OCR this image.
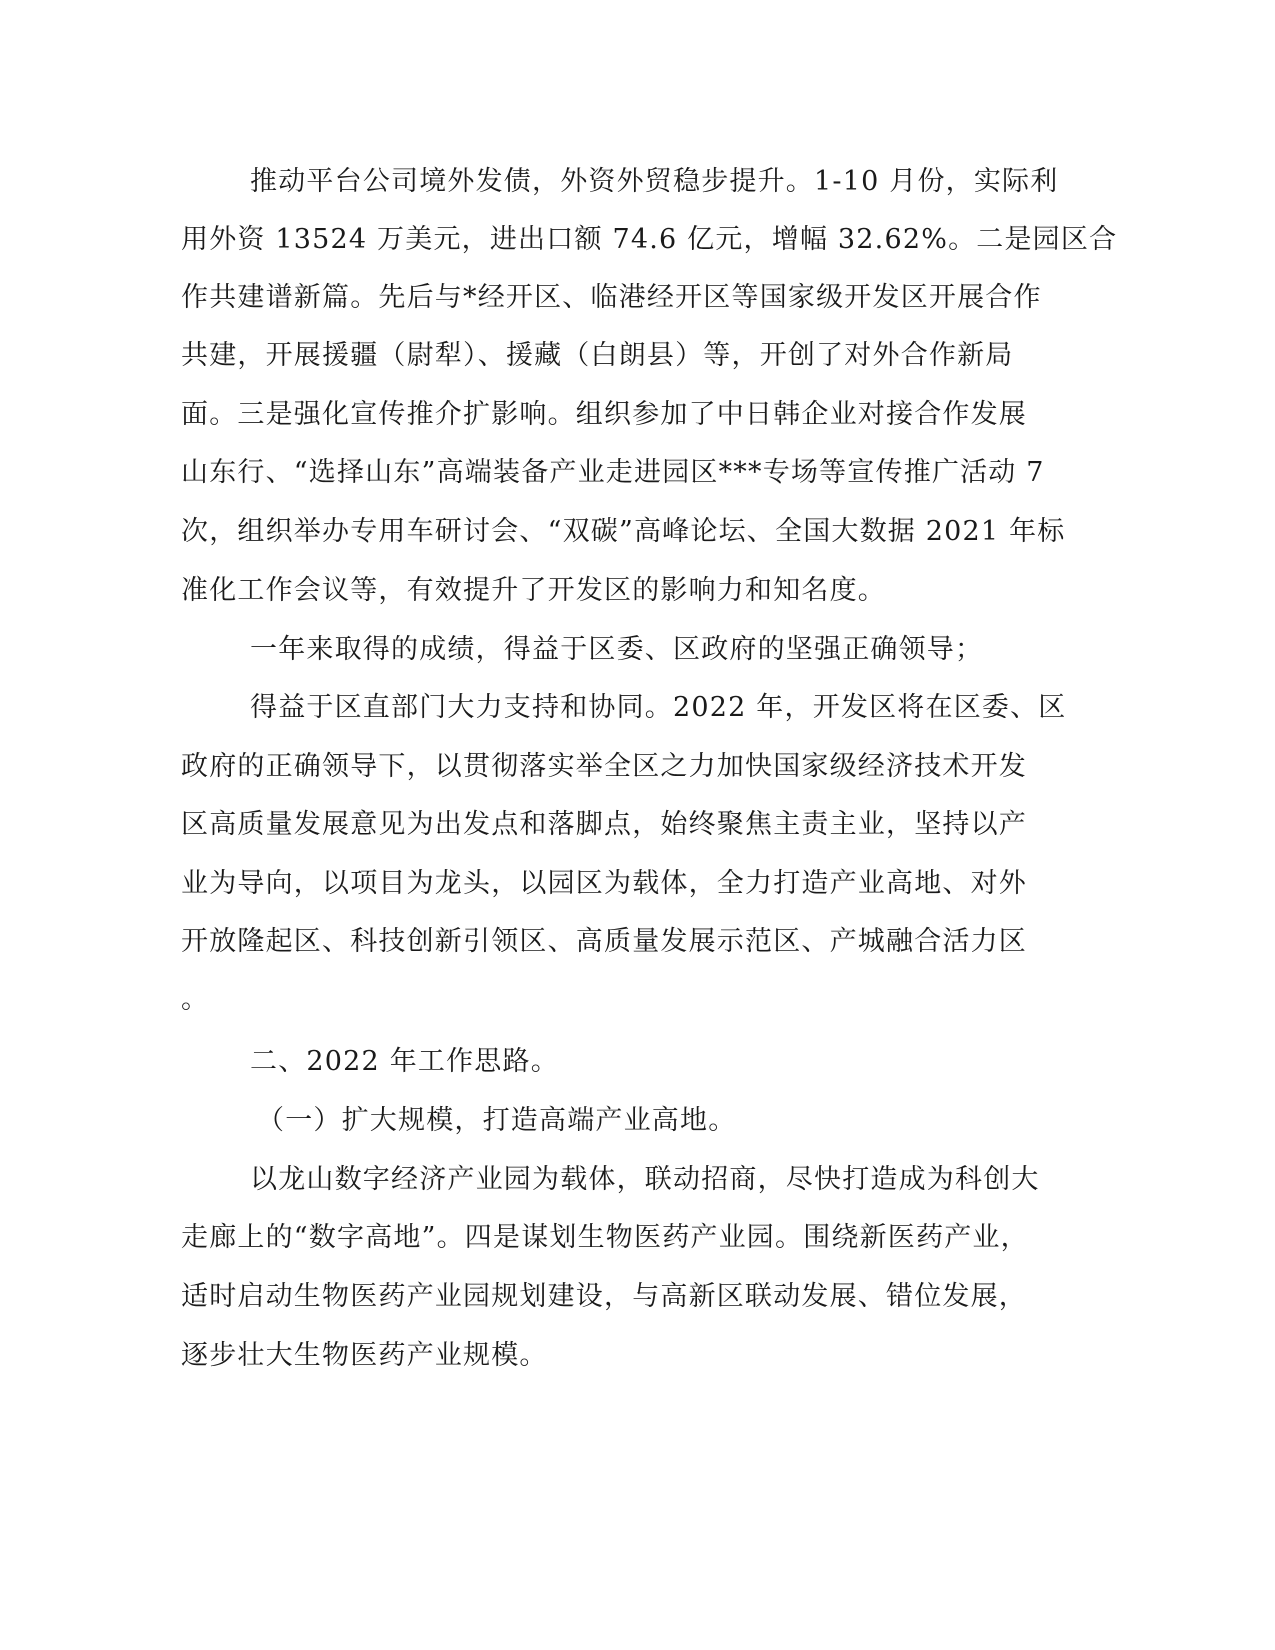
推动平台公司境外发债，外资外贸稳步提升。1-10 月份，实际利
用外资 13524 万美元，进出口额 74.6 亿元，增幅 32.62%。二是园区合
作共建谱新篇。先后与*经开区、临港经开区等国家级开发区开展合作
共建，开展援疆（尉犁）、援藏（白朗县）等，开创了对外合作新局
面。三是强化宣传推介扩影响。组织参加了中日韩企业对接合作发展
山东行、“选择山东”高端装备产业走进园区***专场等宣传推广活动 7
次，组织举办专用车研讨会、“双碳”高峰论坛、全国大数据 2021 年标
准化工作会议等，有效提升了开发区的影响力和知名度。
一年来取得的成绩，得益于区委、区政府的坚强正确领导；
得益于区直部门大力支持和协同。2022 年，开发区将在区委、区
政府的正确领导下，以贯彻落实举全区之力加快国家级经济技术开发
区高质量发展意见为出发点和落脚点，始终聚焦主责主业，坚持以产
业为导向，以项目为龙头，以园区为载体，全力打造产业高地、对外
开放隆起区、科技创新引领区、高质量发展示范区、产城融合活力区
。
二、2022 年工作思路。
（一）扩大规模，打造高端产业高地。
以龙山数字经济产业园为载体，联动招商，尽快打造成为科创大
走廊上的“数字高地”。四是谋划生物医药产业园。围绕新医药产业，
适时启动生物医药产业园规划建设，与高新区联动发展、错位发展，
逐步壮大生物医药产业规模。
